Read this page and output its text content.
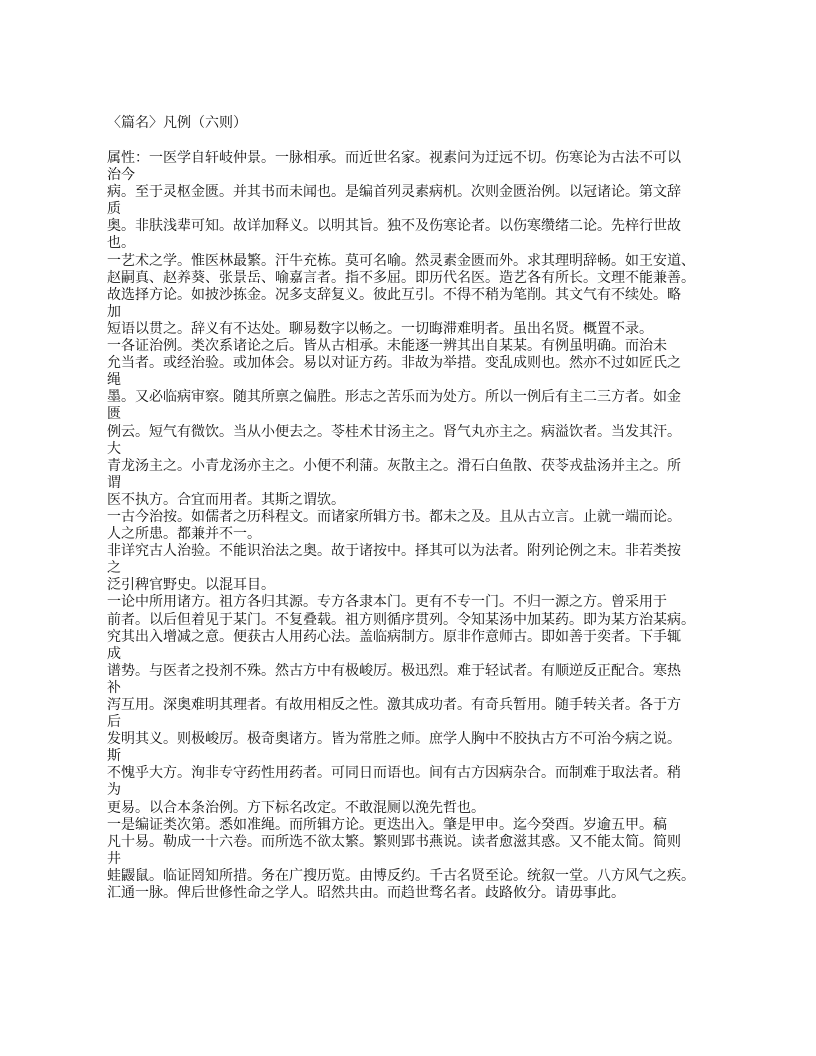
〈篇名〉凡例（六则）
属性：一医学自轩岐仲景。一脉相承。而近世名家。视素问为迂远不切。伤寒论为古法不可以
治今
病。至于灵枢金匮。并其书而未闻也。是编首列灵素病机。次则金匮治例。以冠诸论。第文辞
质
奥。非肤浅辈可知。故详加释义。以明其旨。独不及伤寒论者。以伤寒缵绪二论。先梓行世故
也。
一艺术之学。惟医林最繁。汗牛充栋。莫可名喻。然灵素金匮而外。求其理明辞畅。如王安道、
赵嗣真、赵养葵、张景岳、喻嘉言者。指不多屈。即历代名医。造艺各有所长。文理不能兼善。
故选择方论。如披沙拣金。况多支辞复义。彼此互引。不得不稍为笔削。其文气有不续处。略
加
短语以贯之。辞义有不达处。聊易数字以畅之。一切晦滞难明者。虽出名贤。概置不录。
一各证治例。类次系诸论之后。皆从古相承。未能逐一辨其出自某某。有例虽明确。而治未
允当者。或经治验。或加体会。易以对证方药。非故为举措。变乱成则也。然亦不过如匠氏之
绳
墨。又必临病审察。随其所禀之偏胜。形志之苦乐而为处方。所以一例后有主二三方者。如金
匮
例云。短气有微饮。当从小便去之。苓桂术甘汤主之。肾气丸亦主之。病溢饮者。当发其汗。
大
青龙汤主之。小青龙汤亦主之。小便不利蒲。灰散主之。滑石白鱼散、茯苓戎盐汤并主之。所
谓
医不执方。合宜而用者。其斯之谓欤。
一古今治按。如儒者之历科程文。而诸家所辑方书。都未之及。且从古立言。止就一端而论。
人之所患。都兼并不一。
非详究古人治验。不能识治法之奥。故于诸按中。择其可以为法者。附列论例之末。非若类按
之
泛引稗官野史。以混耳目。
一论中所用诸方。祖方各归其源。专方各隶本门。更有不专一门。不归一源之方。曾采用于
前者。以后但着见于某门。不复叠载。祖方则循序贯列。令知某汤中加某药。即为某方治某病。
究其出入增减之意。便获古人用药心法。盖临病制方。原非作意师古。即如善于奕者。下手辄
成
谱势。与医者之投剂不殊。然古方中有极峻厉。极迅烈。难于轻试者。有顺逆反正配合。寒热
补
泻互用。深奥难明其理者。有故用相反之性。激其成功者。有奇兵暂用。随手转关者。各于方
后
发明其义。则极峻厉。极奇奥诸方。皆为常胜之师。庶学人胸中不胶执古方不可治今病之说。
斯
不愧乎大方。洵非专守药性用药者。可同日而语也。间有古方因病杂合。而制难于取法者。稍
为
更易。以合本条治例。方下标名改定。不敢混厕以浼先哲也。
一是编证类次第。悉如准绳。而所辑方论。更迭出入。肇是甲申。迄今癸酉。岁逾五甲。稿
凡十易。勒成一十六卷。而所选不欲太繁。繁则郢书燕说。读者愈滋其惑。又不能太简。简则
井
蛙鼹鼠。临证罔知所措。务在广搜历览。由博反约。千古名贤至论。统叙一堂。八方风气之疾。
汇通一脉。俾后世修性命之学人。昭然共由。而趋世骛名者。歧路攸分。请毋事此。
